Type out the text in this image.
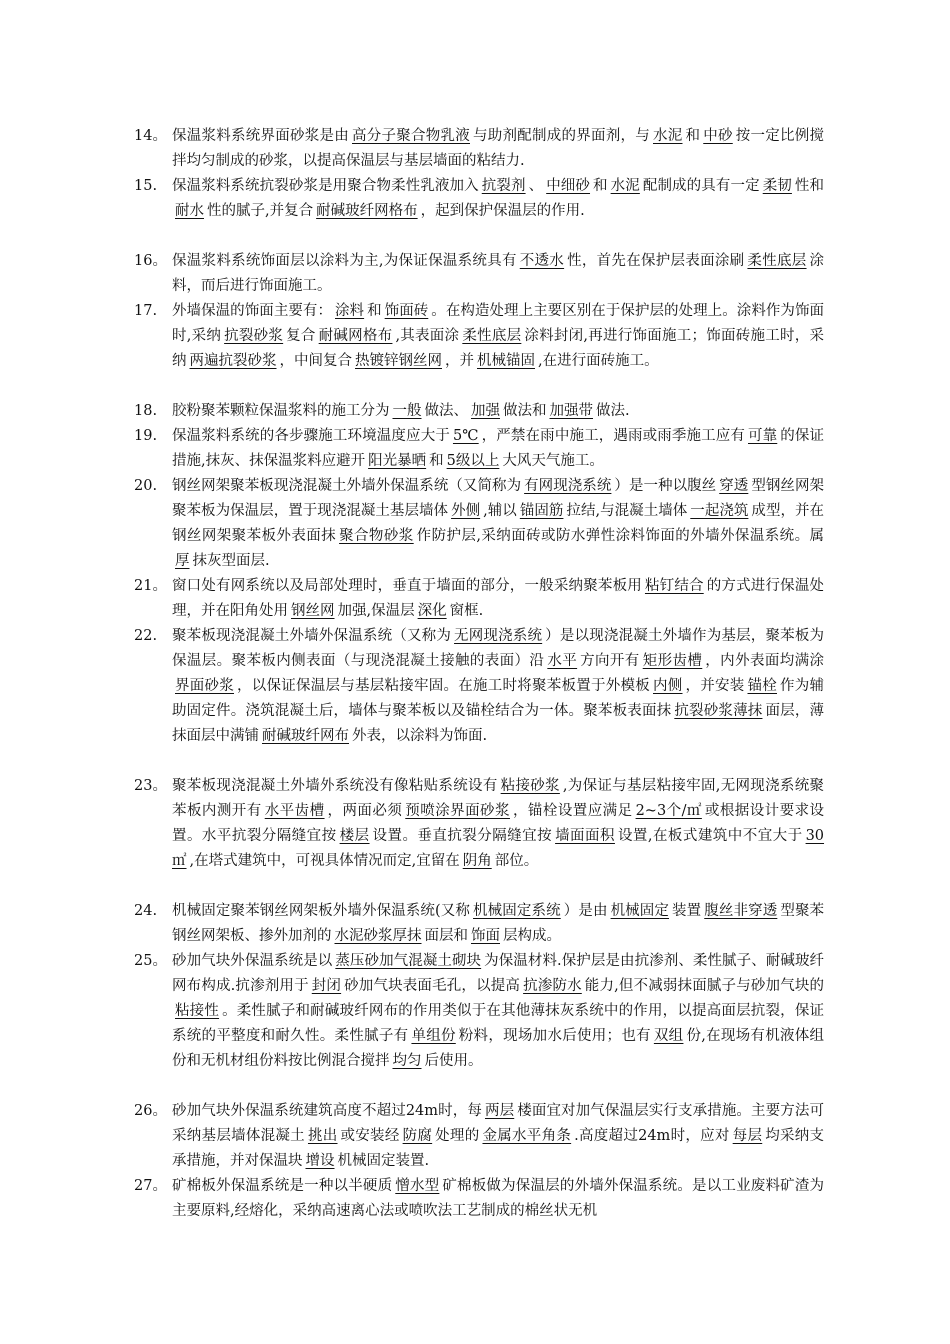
14。 保温浆料系统界面砂浆是由 高分子聚合物乳液 与助剂配制成的界面剂，与 水泥 和 中砂 按一定比例搅拌均匀制成的砂浆，以提高保温层与基层墙面的粘结力.
15. 保温浆料系统抗裂砂浆是用聚合物柔性乳液加入 抗裂剂 、 中细砂 和 水泥 配制成的具有一定 柔韧 性和耐水 性的腻子,并复合 耐碱玻纤网格布 ，起到保护保温层的作用.
16。 保温浆料系统饰面层以涂料为主,为保证保温系统具有 不透水 性，首先在保护层表面涂刷 柔性底层 涂料，而后进行饰面施工。
17. 外墙保温的饰面主要有： 涂料 和 饰面砖 。在构造处理上主要区别在于保护层的处理上。涂料作为饰面时,采纳 抗裂砂浆 复合 耐碱网格布 ,其表面涂 柔性底层 涂料封闭,再进行饰面施工；饰面砖施工时，采纳 两遍抗裂砂浆 ，中间复合 热镀锌钢丝网 ，并 机械锚固 ,在进行面砖施工。
18. 胶粉聚苯颗粒保温浆料的施工分为 一般 做法、 加强 做法和 加强带 做法.
19. 保温浆料系统的各步骤施工环境温度应大于 5℃ ，严禁在雨中施工，遇雨或雨季施工应有 可靠 的保证措施,抹灰、抹保温浆料应避开 阳光暴晒 和 5级以上 大风天气施工。
20. 钢丝网架聚苯板现浇混凝土外墙外保温系统（又简称为 有网现浇系统 ）是一种以腹丝 穿透 型钢丝网架聚苯板为保温层，置于现浇混凝土基层墙体 外侧 ,辅以 锚固筋 拉结,与混凝土墙体 一起浇筑 成型，并在钢丝网架聚苯板外表面抹 聚合物砂浆 作防护层,采纳面砖或防水弹性涂料饰面的外墙外保温系统。属厚 抹灰型面层.
21。 窗口处有网系统以及局部处理时，垂直于墙面的部分，一般采纳聚苯板用 粘钉结合 的方式进行保温处理，并在阳角处用 钢丝网 加强,保温层 深化 窗框.
22. 聚苯板现浇混凝土外墙外保温系统（又称为 无网现浇系统 ）是以现浇混凝土外墙作为基层，聚苯板为保温层。聚苯板内侧表面（与现浇混凝土接触的表面）沿 水平 方向开有 矩形齿槽 ，内外表面均满涂界面砂浆 ，以保证保温层与基层粘接牢固。在施工时将聚苯板置于外模板 内侧 ，并安装 锚栓 作为辅助固定件。浇筑混凝土后，墙体与聚苯板以及锚栓结合为一体。聚苯板表面抹 抗裂砂浆薄抹 面层，薄抹面层中满铺 耐碱玻纤网布 外表，以涂料为饰面.
23。 聚苯板现浇混凝土外墙外系统没有像粘贴系统设有 粘接砂浆 ,为保证与基层粘接牢固,无网现浇系统聚苯板内测开有 水平齿槽 ，两面必须 预喷涂界面砂浆 ，锚栓设置应满足 2~3个/㎡ 或根据设计要求设置。水平抗裂分隔缝宜按 楼层 设置。垂直抗裂分隔缝宜按 墙面面积 设置,在板式建筑中不宜大于 30㎡ ,在塔式建筑中，可视具体情况而定,宜留在 阴角 部位。
24. 机械固定聚苯钢丝网架板外墙外保温系统(又称 机械固定系统 ）是由 机械固定 装置 腹丝非穿透 型聚苯钢丝网架板、掺外加剂的 水泥砂浆厚抹 面层和 饰面 层构成。
25。 砂加气块外保温系统是以 蒸压砂加气混凝土砌块 为保温材料.保护层是由抗渗剂、柔性腻子、耐碱玻纤网布构成.抗渗剂用于 封闭 砂加气块表面毛孔，以提高 抗渗防水 能力,但不减弱抹面腻子与砂加气块的粘接性 。柔性腻子和耐碱玻纤网布的作用类似于在其他薄抹灰系统中的作用，以提高面层抗裂，保证系统的平整度和耐久性。柔性腻子有 单组份 粉料，现场加水后使用；也有 双组 份,在现场有机液体组份和无机材组份料按比例混合搅拌 均匀 后使用。
26。 砂加气块外保温系统建筑高度不超过24m时，每 两层 楼面宜对加气保温层实行支承措施。主要方法可采纳基层墙体混凝土 挑出 或安装经 防腐 处理的 金属水平角条 .高度超过24m时，应对 每层 均采纳支承措施，并对保温块 增设 机械固定装置.
27。 矿棉板外保温系统是一种以半硬质 憎水型 矿棉板做为保温层的外墙外保温系统。是以工业废料矿渣为主要原料,经熔化，采纳高速离心法或喷吹法工艺制成的棉丝状无机
